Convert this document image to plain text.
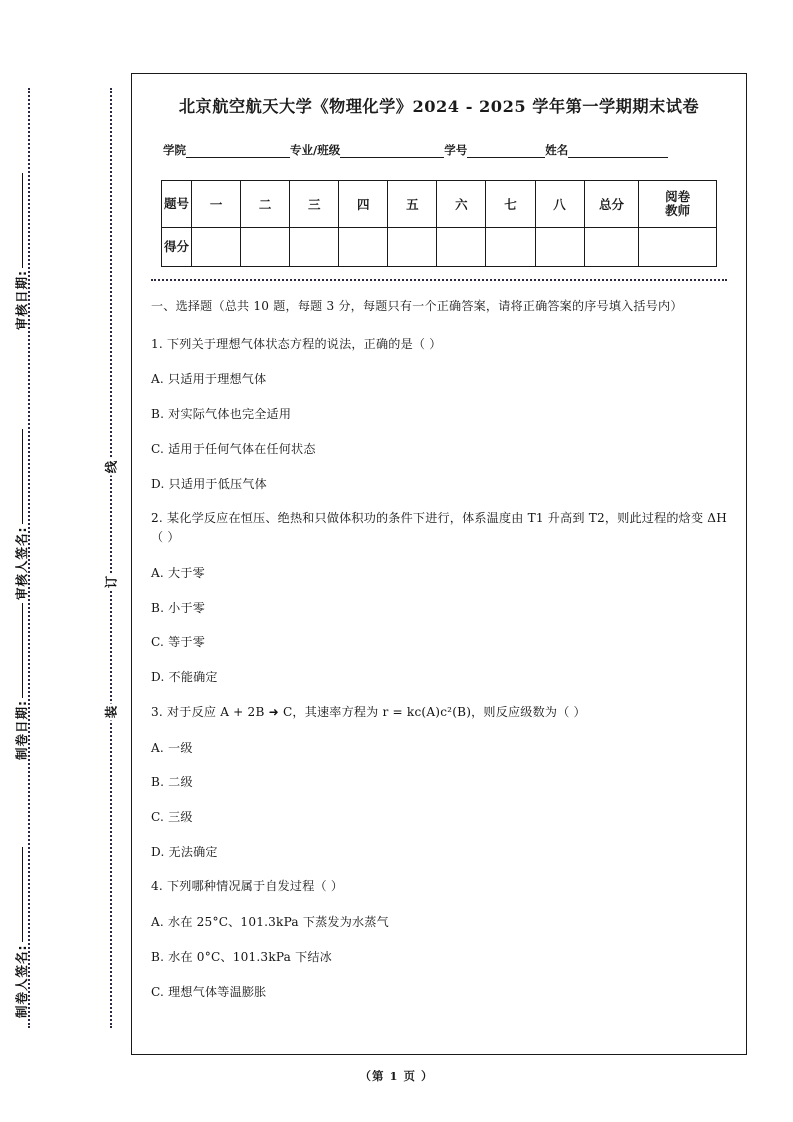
审核日期:
审核人签名:
制卷日期:
制卷人签名:
线
订
装
北京航空航天大学《物理化学》2024 - 2025 学年第一学期期末试卷
学院	专业/班级	学号	姓名
题号	一	二	三	四	五	六	七	八	总分	阅卷
教师

得分										

一、选择题（总共 10 题，每题 3 分，每题只有一个正确答案，请将正确答案的序号填入括号内）

1. 下列关于理想气体状态方程的说法，正确的是（ ）

A. 只适用于理想气体

B. 对实际气体也完全适用

C. 适用于任何气体在任何状态

D. 只适用于低压气体

2. 某化学反应在恒压、绝热和只做体积功的条件下进行，体系温度由 T1 升高到 T2，则此过程的焓变 ΔH（ ）

A. 大于零

B. 小于零

C. 等于零

D. 不能确定

3. 对于反应 A + 2B ➜ C，其速率方程为 r = kc(A)c²(B)，则反应级数为（ ）

A. 一级

B. 二级

C. 三级

D. 无法确定

4. 下列哪种情况属于自发过程（ ）

A. 水在 25°C、101.3kPa 下蒸发为水蒸气

B. 水在 0°C、101.3kPa 下结冰

C. 理想气体等温膨胀

（第 1 页 ）
